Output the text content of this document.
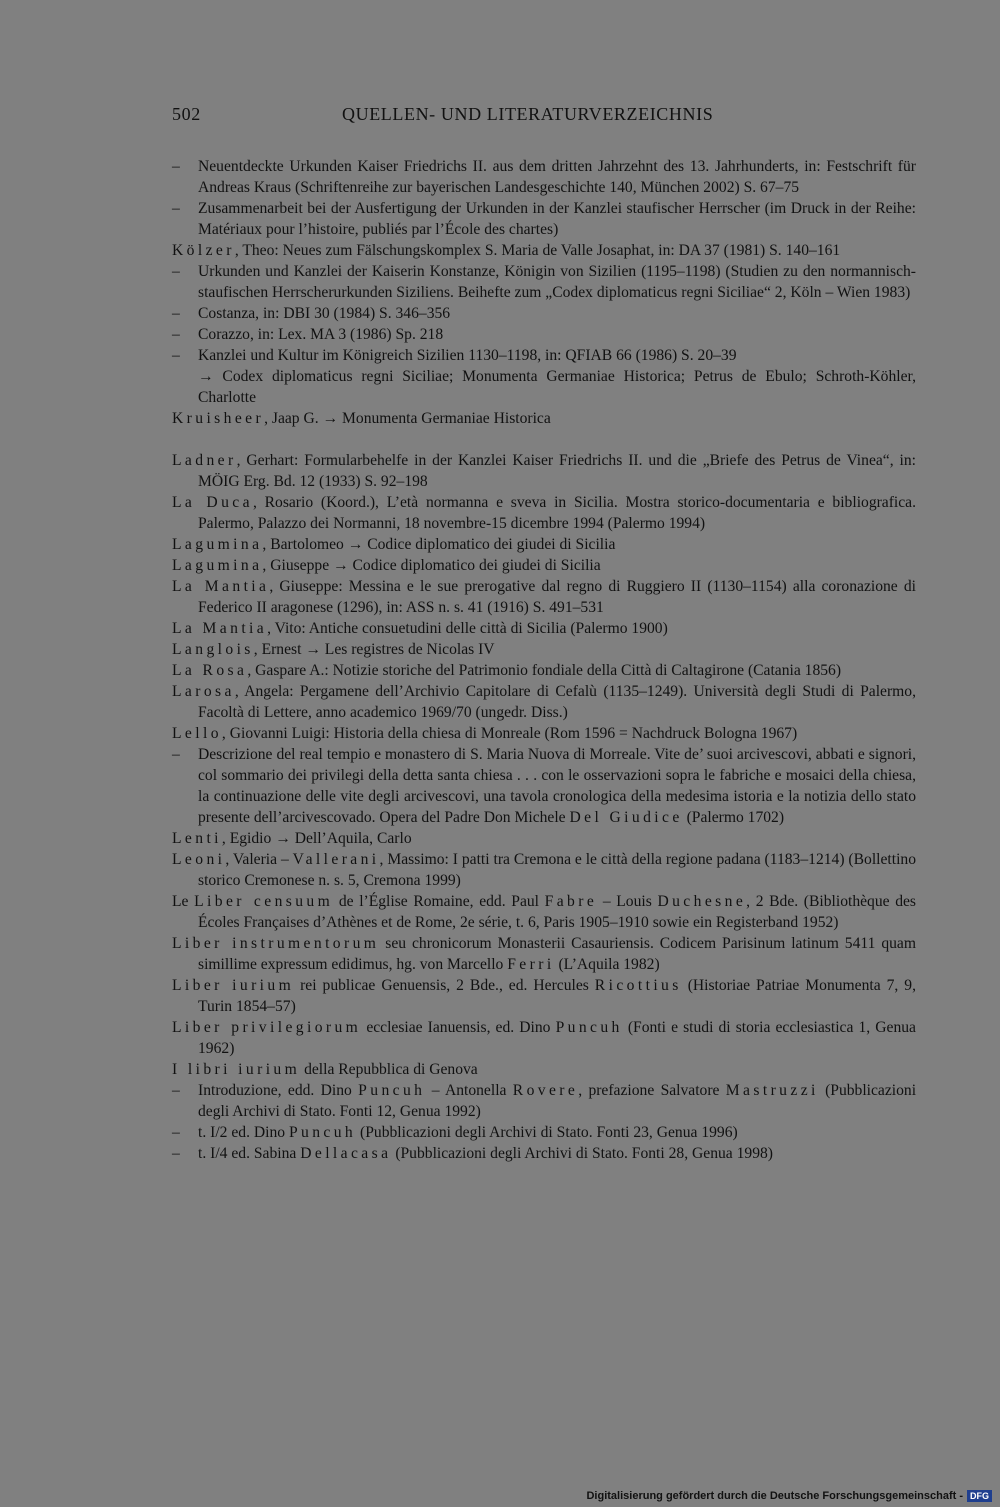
502	QUELLEN- UND LITERATURVERZEICHNIS
– Neuentdeckte Urkunden Kaiser Friedrichs II. aus dem dritten Jahrzehnt des 13. Jahrhunderts, in: Festschrift für Andreas Kraus (Schriftenreihe zur bayerischen Landesgeschichte 140, München 2002) S. 67–75
– Zusammenarbeit bei der Ausfertigung der Urkunden in der Kanzlei staufischer Herrscher (im Druck in der Reihe: Matériaux pour l’histoire, publiés par l’École des chartes)
Kölzer, Theo: Neues zum Fälschungskomplex S. Maria de Valle Josaphat, in: DA 37 (1981) S. 140–161
– Urkunden und Kanzlei der Kaiserin Konstanze, Königin von Sizilien (1195–1198) (Studien zu den normannisch-staufischen Herrscherurkunden Siziliens. Beihefte zum „Codex diplomaticus regni Siciliae“ 2, Köln – Wien 1983)
– Costanza, in: DBI 30 (1984) S. 346–356
– Corazzo, in: Lex. MA 3 (1986) Sp. 218
– Kanzlei und Kultur im Königreich Sizilien 1130–1198, in: QFIAB 66 (1986) S. 20–39
→ Codex diplomaticus regni Siciliae; Monumenta Germaniae Historica; Petrus de Ebulo; Schroth-Köhler, Charlotte
Kruisheer, Jaap G. → Monumenta Germaniae Historica
Ladner, Gerhart: Formularbehelfe in der Kanzlei Kaiser Friedrichs II. und die „Briefe des Petrus de Vinea“, in: MÖIG Erg. Bd. 12 (1933) S. 92–198
La Duca, Rosario (Koord.), L’età normanna e sveva in Sicilia. Mostra storico-documentaria e bibliografica. Palermo, Palazzo dei Normanni, 18 novembre-15 dicembre 1994 (Palermo 1994)
Lagumina, Bartolomeo → Codice diplomatico dei giudei di Sicilia
Lagumina, Giuseppe → Codice diplomatico dei giudei di Sicilia
La Mantia, Giuseppe: Messina e le sue prerogative dal regno di Ruggiero II (1130–1154) alla coronazione di Federico II aragonese (1296), in: ASS n. s. 41 (1916) S. 491–531
La Mantia, Vito: Antiche consuetudini delle città di Sicilia (Palermo 1900)
Langlois, Ernest → Les registres de Nicolas IV
La Rosa, Gaspare A.: Notizie storiche del Patrimonio fondiale della Città di Caltagirone (Catania 1856)
Larosa, Angela: Pergamene dell’Archivio Capitolare di Cefalù (1135–1249). Università degli Studi di Palermo, Facoltà di Lettere, anno academico 1969/70 (ungedr. Diss.)
Lello, Giovanni Luigi: Historia della chiesa di Monreale (Rom 1596 = Nachdruck Bologna 1967)
– Descrizione del real tempio e monastero di S. Maria Nuova di Morreale. Vite de’ suoi arcivescovi, abbati e signori, col sommario dei privilegi della detta santa chiesa . . . con le osservazioni sopra le fabriche e mosaici della chiesa, la continuazione delle vite degli arcivescovi, una tavola cronologica della medesima istoria e la notizia dello stato presente dell’arcivescovado. Opera del Padre Don Michele Del Giudice (Palermo 1702)
Lenti, Egidio → Dell’Aquila, Carlo
Leoni, Valeria – Vallerani, Massimo: I patti tra Cremona e le città della regione padana (1183–1214) (Bollettino storico Cremonese n. s. 5, Cremona 1999)
Le Liber censuum de l’Église Romaine, edd. Paul Fabre – Louis Duchesne, 2 Bde. (Bibliothèque des Écoles Françaises d’Athènes et de Rome, 2e série, t. 6, Paris 1905–1910 sowie ein Registerband 1952)
Liber instrumentorum seu chronicorum Monasterii Casauriensis. Codicem Parisinum latinum 5411 quam simillime expressum edidimus, hg. von Marcello Ferri (L’Aquila 1982)
Liber iurium rei publicae Genuensis, 2 Bde., ed. Hercules Ricottius (Historiae Patriae Monumenta 7, 9, Turin 1854–57)
Liber privilegiorum ecclesiae Ianuensis, ed. Dino Puncuh (Fonti e studi di storia ecclesiastica 1, Genua 1962)
I libri iurium della Repubblica di Genova
– Introduzione, edd. Dino Puncuh – Antonella Rovere, prefazione Salvatore Mastruzzi (Pubblicazioni degli Archivi di Stato. Fonti 12, Genua 1992)
– t. I/2 ed. Dino Puncuh (Pubblicazioni degli Archivi di Stato. Fonti 23, Genua 1996)
– t. I/4 ed. Sabina Dellacasa (Pubblicazioni degli Archivi di Stato. Fonti 28, Genua 1998)
Digitalisierung gefördert durch die Deutsche Forschungsgemeinschaft - DFG
